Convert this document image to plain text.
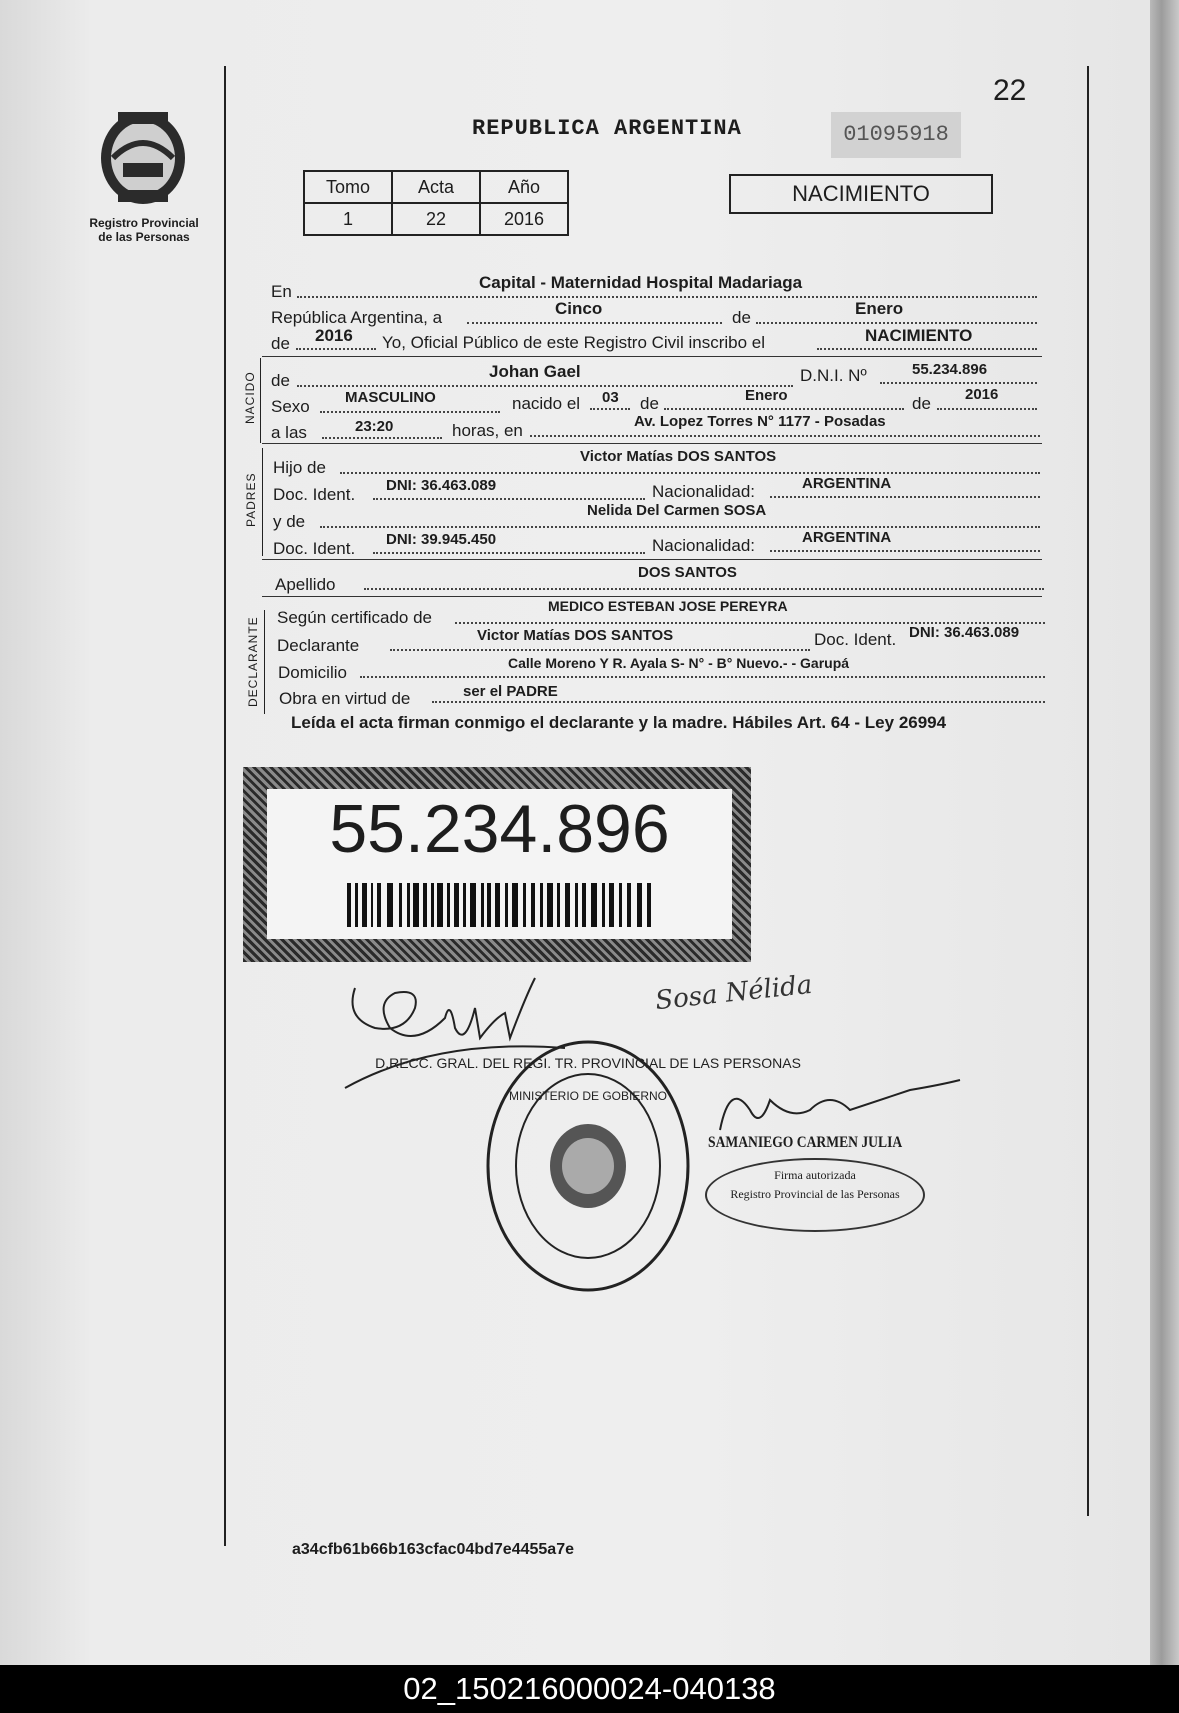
22
Registro Provincial
de las Personas
REPUBLICA ARGENTINA	01095918
Tomo	Acta	Año
1	22	2016
NACIMIENTO
En	Capital - Maternidad Hospital Madariaga
República Argentina, a	Cinco	de	Enero
de 2016 Yo, Oficial Público de este Registro Civil inscribo el	NACIMIENTO
NACIDO de	Johan Gael	D.N.I. Nº	55.234.896
Sexo MASCULINO	nacido el 03 de	Enero	de 2016
a las	23:20	horas, en	Av. Lopez Torres N° 1177 - Posadas
PADRES
Hijo de
Victor Matías DOS SANTOS
Doc. Ident. DNI: 36.463.089	Nacionalidad:	ARGENTINA
y de
Nelida Del Carmen SOSA
Doc. Ident. DNI: 39.945.450	Nacionalidad:	ARGENTINA
Apellido
DOS SANTOS
DECLARANTE Según certificado de
MEDICO ESTEBAN JOSE PEREYRA
Declarante
Victor Matías DOS SANTOS	Doc. Ident. DNI: 36.463.089
Domicilio	Calle Moreno Y R. Ayala S- N° - B° Nuevo.- - Garupá
Obra en virtud de	ser el PADRE
Leída el acta firman conmigo el declarante y la madre. Hábiles Art. 64 - Ley 26994
55.234.896
Sosa Nélida
D.RECC. GRAL. DEL REGI. TR. PROVINCIAL DE LAS PERSONAS
MINISTERIO DE GOBIERNO
SAMANIEGO CARMEN JULIA
Firma autorizada
Registro Provincial de las Personas
a34cfb61b66b163cfac04bd7e4455a7e
02_150216000024-040138
